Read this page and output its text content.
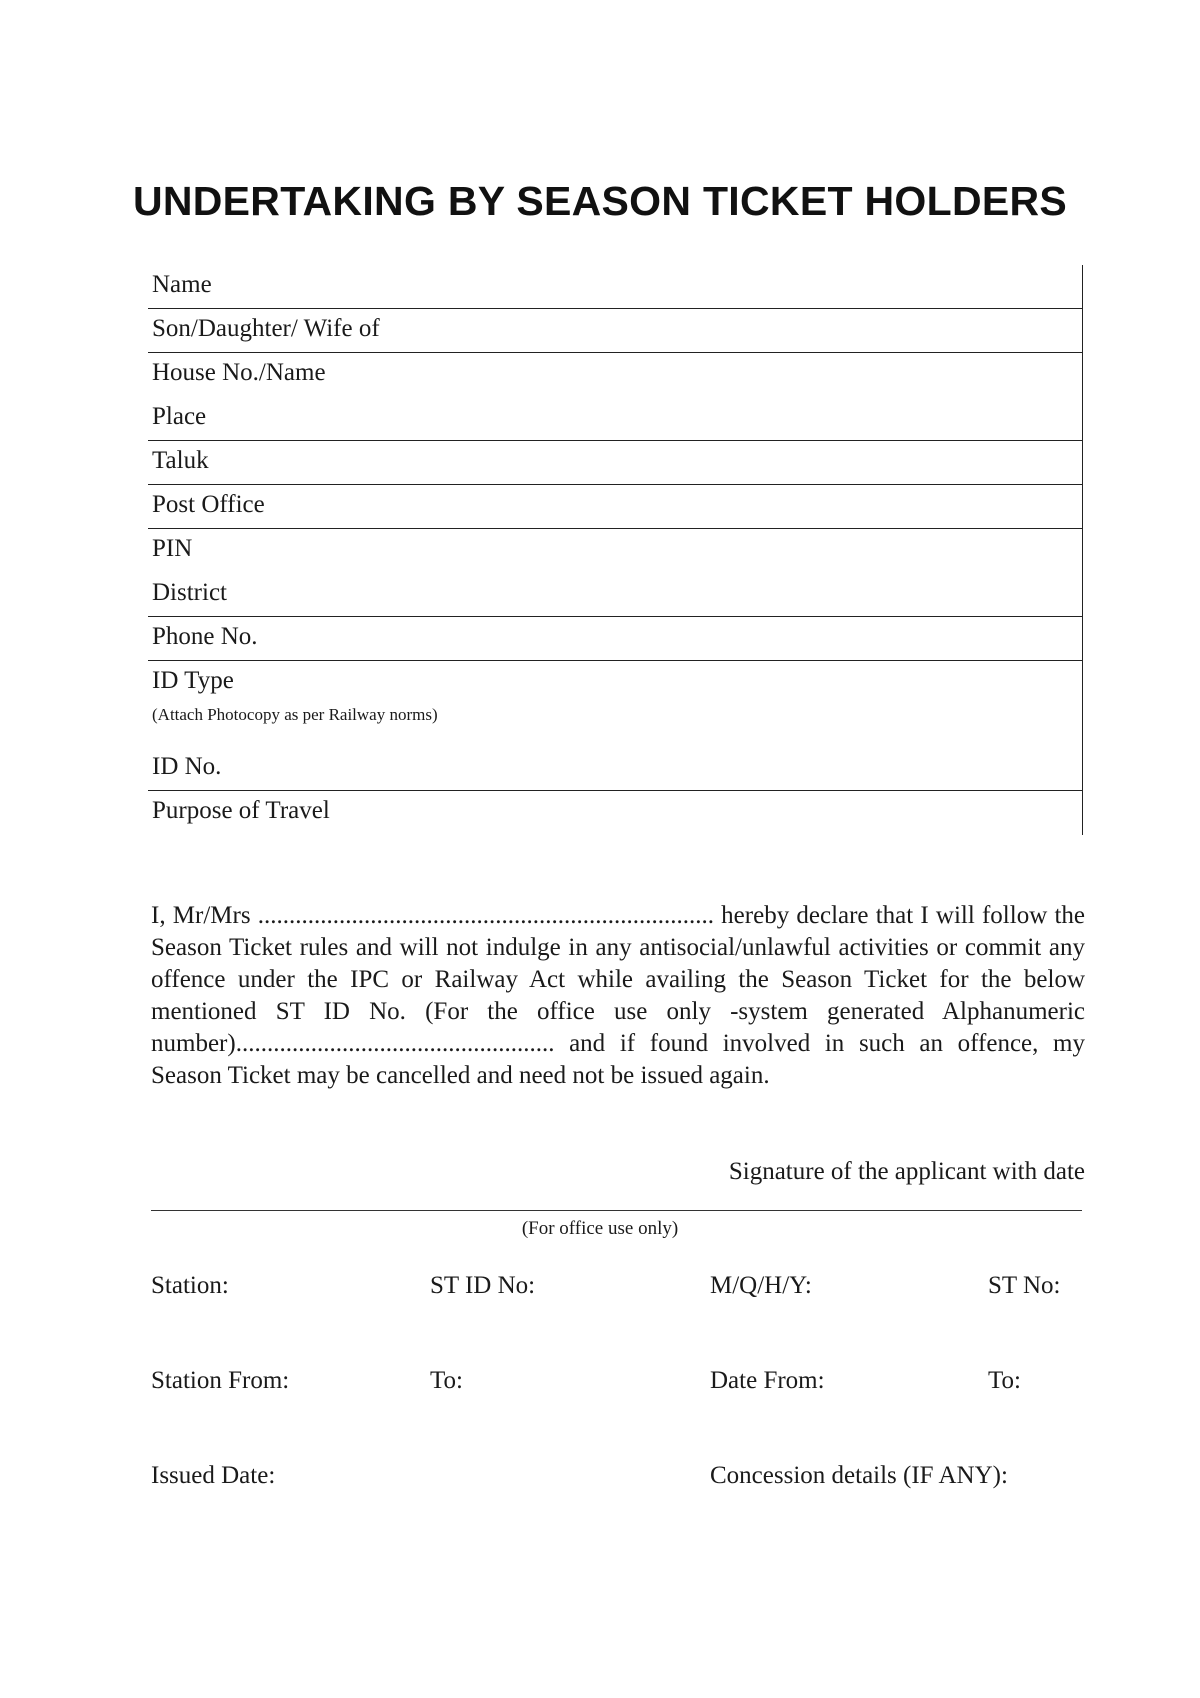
UNDERTAKING BY SEASON TICKET HOLDERS
Name
Son/Daughter/ Wife of
House No./Name
Place
Taluk
Post Office
PIN
District
Phone No.
ID Type
(Attach Photocopy as per Railway norms)
ID No.
Purpose of Travel
I, Mr/Mrs ......................................................................... hereby declare that I will follow the Season Ticket rules and will not indulge in any antisocial/unlawful activities or commit any offence under the IPC or Railway Act while availing the Season Ticket for the below mentioned ST ID No. (For the office use only -system generated Alphanumeric number)................................................... and if found involved in such an offence, my Season Ticket may be cancelled and need not be issued again.
Signature of the applicant with date
(For office use only)
Station:	ST ID No:	M/Q/H/Y:	ST No:
Station From:	To:	Date From:	To:
Issued Date:	Concession details (IF ANY):
